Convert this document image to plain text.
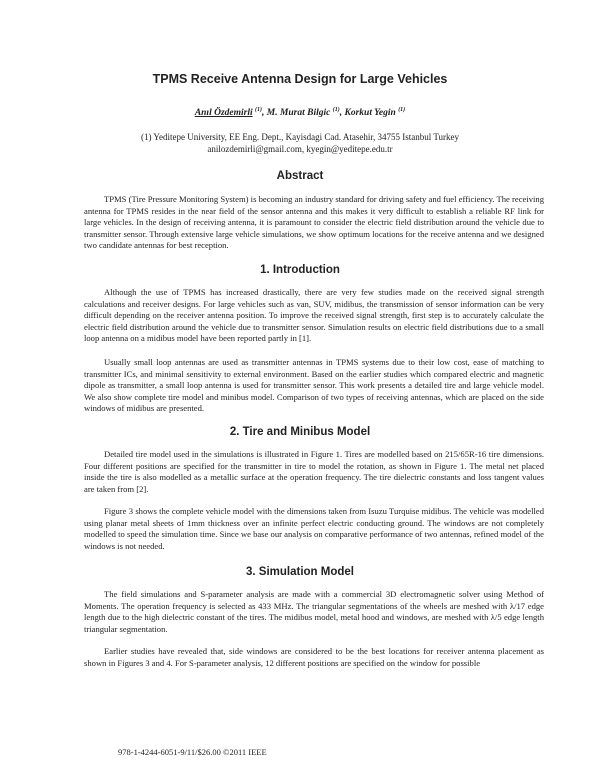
TPMS Receive Antenna Design for Large Vehicles
Anıl Özdemirli $^{(1)}$, M. Murat Bilgic $^{(1)}$, Korkut Yegin $^{(1)}$
(1) Yeditepe University, EE Eng. Dept., Kayisdagi Cad. Atasehir, 34755 Istanbul Turkey
anilozdemirli@gmail.com, kyegin@yeditepe.edu.tr
Abstract

TPMS (Tire Pressure Monitoring System) is becoming an industry standard for driving safety and fuel efficiency. The receiving antenna for TPMS resides in the near field of the sensor antenna and this makes it very difficult to establish a reliable RF link for large vehicles. In the design of receiving antenna, it is paramount to consider the electric field distribution around the vehicle due to transmitter sensor. Through extensive large vehicle simulations, we show optimum locations for the receive antenna and we designed two candidate antennas for best reception.

1. Introduction

Although the use of TPMS has increased drastically, there are very few studies made on the received signal strength calculations and receiver designs. For large vehicles such as van, SUV, midibus, the transmission of sensor information can be very difficult depending on the receiver antenna position. To improve the received signal strength, first step is to accurately calculate the electric field distribution around the vehicle due to transmitter sensor. Simulation results on electric field distributions due to a small loop antenna on a midibus model have been reported partly in [1].

Usually small loop antennas are used as transmitter antennas in TPMS systems due to their low cost, ease of matching to transmitter ICs, and minimal sensitivity to external environment. Based on the earlier studies which compared electric and magnetic dipole as transmitter, a small loop antenna is used for transmitter sensor. This work presents a detailed tire and large vehicle model. We also show complete tire model and minibus model. Comparison of two types of receiving antennas, which are placed on the side windows of midibus are presented.

2. Tire and Minibus Model

Detailed tire model used in the simulations is illustrated in Figure 1. Tires are modelled based on 215/65R-16 tire dimensions. Four different positions are specified for the transmitter in tire to model the rotation, as shown in Figure 1. The metal net placed inside the tire is also modelled as a metallic surface at the operation frequency. The tire dielectric constants and loss tangent values are taken from [2].

Figure 3 shows the complete vehicle model with the dimensions taken from Isuzu Turquise midibus. The vehicle was modelled using planar metal sheets of 1mm thickness over an infinite perfect electric conducting ground. The windows are not completely modelled to speed the simulation time. Since we base our analysis on comparative performance of two antennas, refined model of the windows is not needed.

3. Simulation Model

The field simulations and S-parameter analysis are made with a commercial 3D electromagnetic solver using Method of Moments. The operation frequency is selected as 433 MHz. The triangular segmentations of the wheels are meshed with λ/17 edge length due to the high dielectric constant of the tires. The midibus model, metal hood and windows, are meshed with λ/5 edge length triangular segmentation.

Earlier studies have revealed that, side windows are considered to be the best locations for receiver antenna placement as shown in Figures 3 and 4. For S-parameter analysis, 12 different positions are specified on the window for possible

978-1-4244-6051-9/11/$26.00 ©2011 IEEE
